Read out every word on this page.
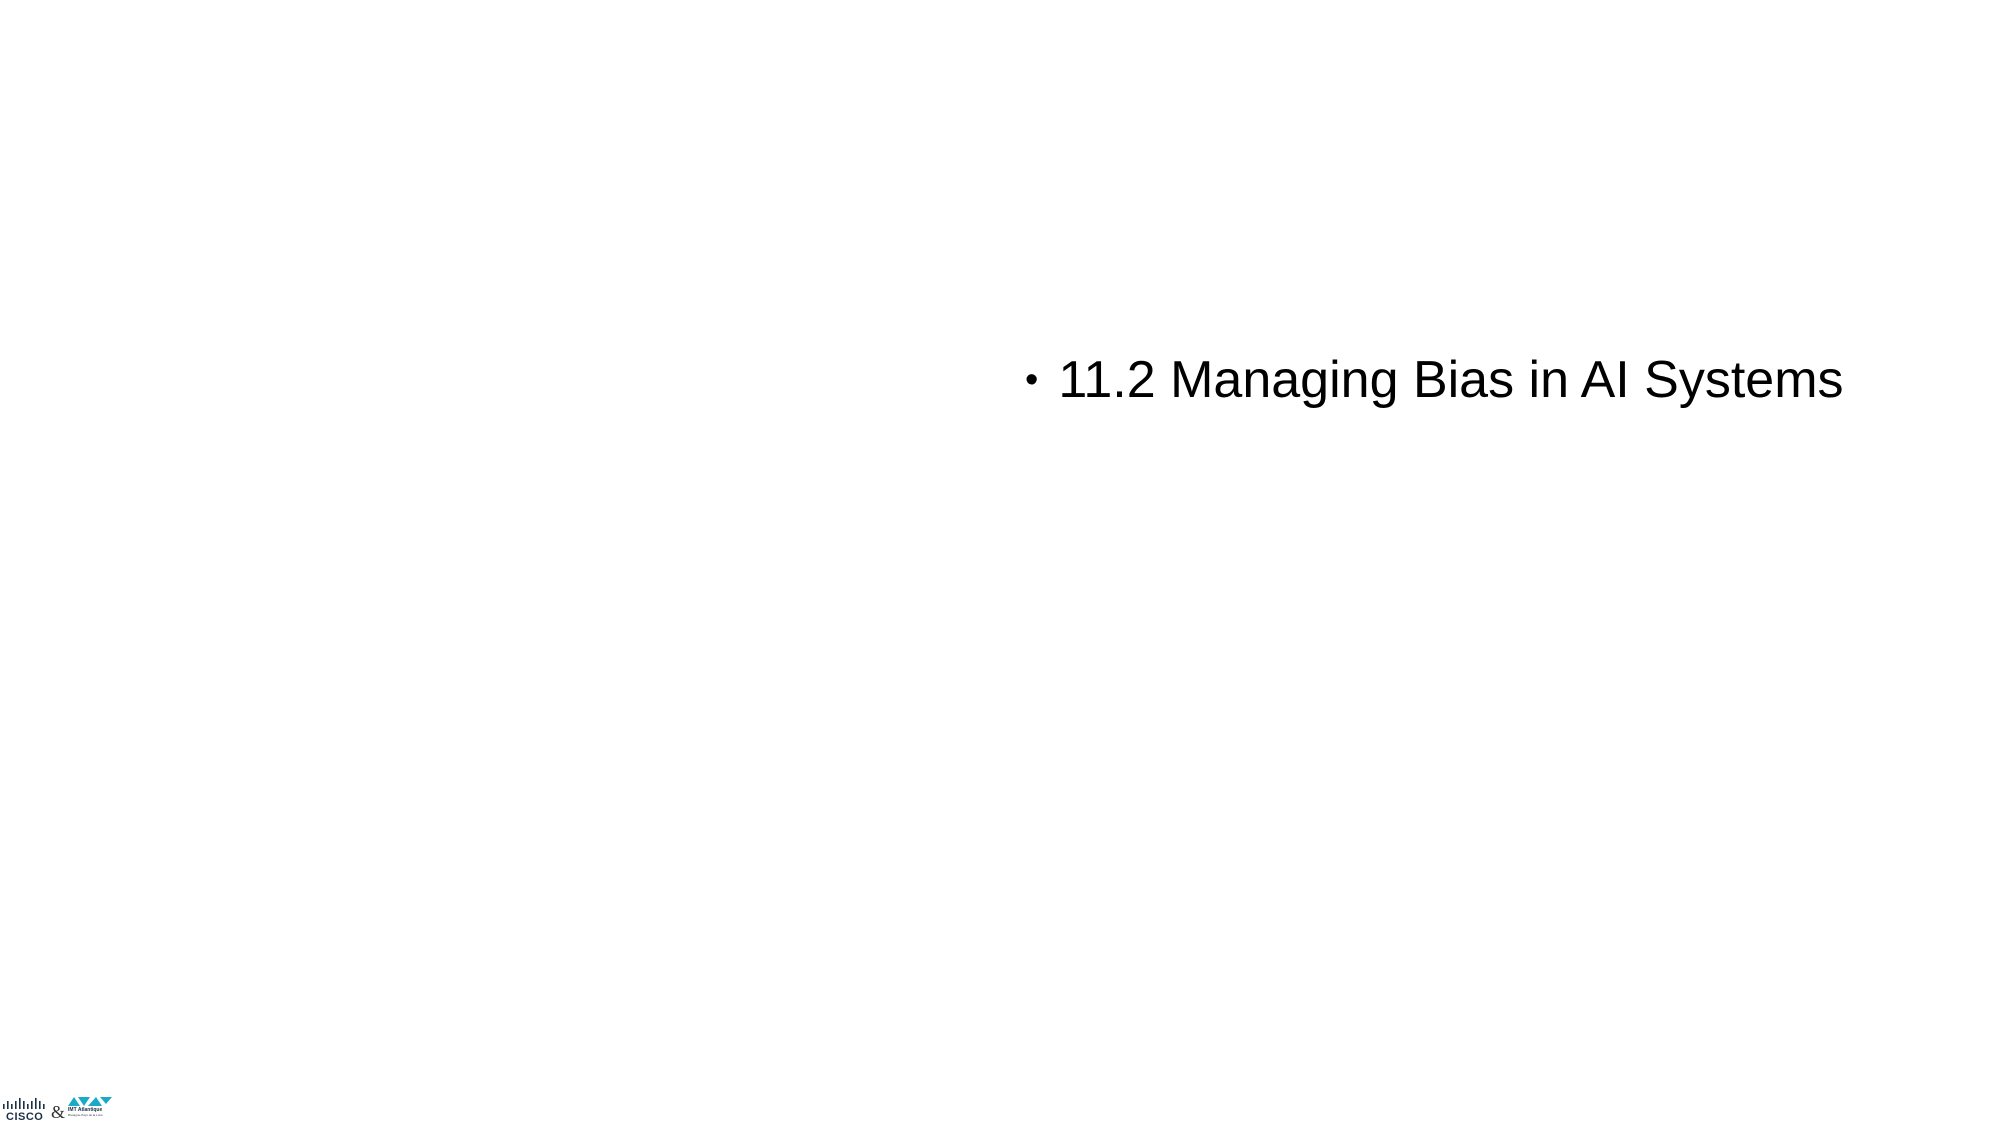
• 11.2 Managing Bias in AI Systems
CISCO & IMT Atlantique
Bretagne-Pays de la Loire
